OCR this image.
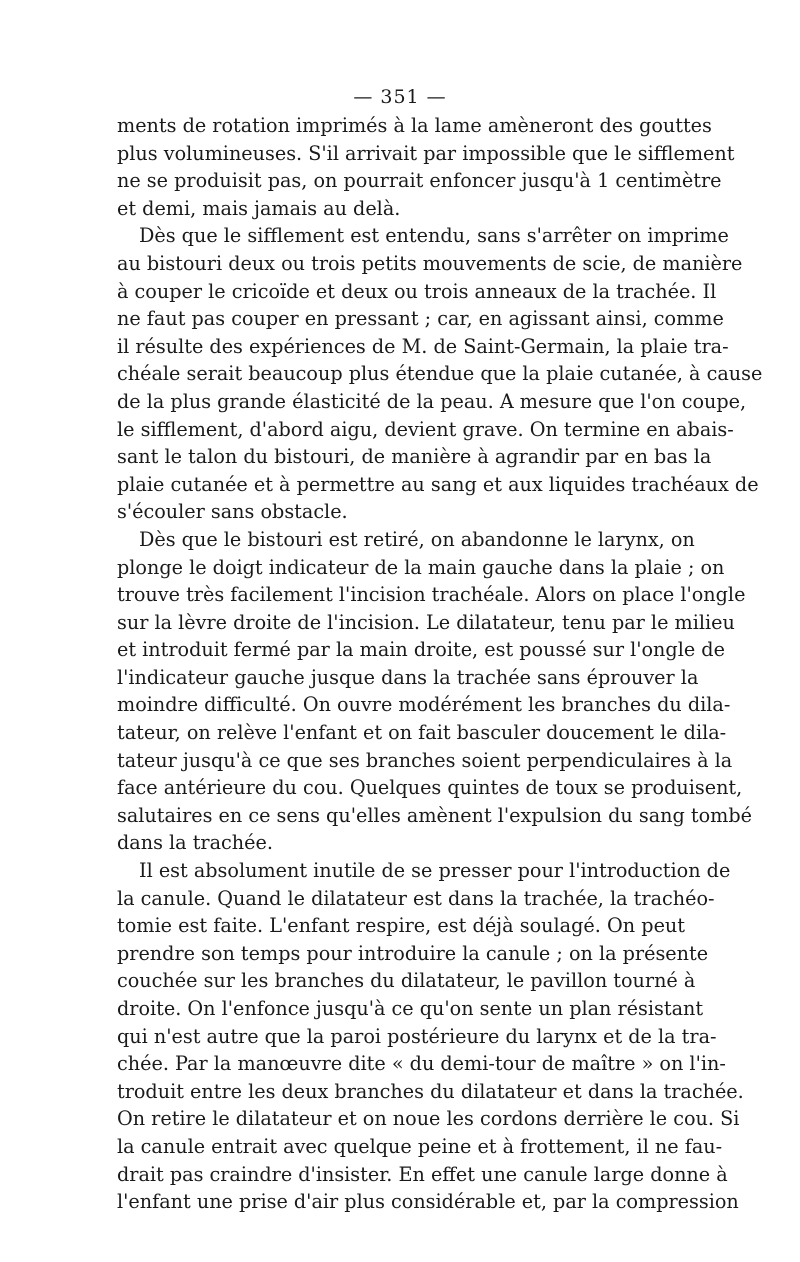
— 351 —
ments de rotation imprimés à la lame amèneront des gouttes
plus volumineuses. S'il arrivait par impossible que le sifflement
ne se produisit pas, on pourrait enfoncer jusqu'à 1 centimètre
et demi, mais jamais au delà.
Dès que le sifflement est entendu, sans s'arrêter on imprime
au bistouri deux ou trois petits mouvements de scie, de manière
à couper le cricoïde et deux ou trois anneaux de la trachée. Il
ne faut pas couper en pressant ; car, en agissant ainsi, comme
il résulte des expériences de M. de Saint-Germain, la plaie tra-
chéale serait beaucoup plus étendue que la plaie cutanée, à cause
de la plus grande élasticité de la peau. A mesure que l'on coupe,
le sifflement, d'abord aigu, devient grave. On termine en abais-
sant le talon du bistouri, de manière à agrandir par en bas la
plaie cutanée et à permettre au sang et aux liquides trachéaux de
s'écouler sans obstacle.
Dès que le bistouri est retiré, on abandonne le larynx, on
plonge le doigt indicateur de la main gauche dans la plaie ; on
trouve très facilement l'incision trachéale. Alors on place l'ongle
sur la lèvre droite de l'incision. Le dilatateur, tenu par le milieu
et introduit fermé par la main droite, est poussé sur l'ongle de
l'indicateur gauche jusque dans la trachée sans éprouver la
moindre difficulté. On ouvre modérément les branches du dila-
tateur, on relève l'enfant et on fait basculer doucement le dila-
tateur jusqu'à ce que ses branches soient perpendiculaires à la
face antérieure du cou. Quelques quintes de toux se produisent,
salutaires en ce sens qu'elles amènent l'expulsion du sang tombé
dans la trachée.
Il est absolument inutile de se presser pour l'introduction de
la canule. Quand le dilatateur est dans la trachée, la trachéo-
tomie est faite. L'enfant respire, est déjà soulagé. On peut
prendre son temps pour introduire la canule ; on la présente
couchée sur les branches du dilatateur, le pavillon tourné à
droite. On l'enfonce jusqu'à ce qu'on sente un plan résistant
qui n'est autre que la paroi postérieure du larynx et de la tra-
chée. Par la manœuvre dite « du demi-tour de maître » on l'in-
troduit entre les deux branches du dilatateur et dans la trachée.
On retire le dilatateur et on noue les cordons derrière le cou. Si
la canule entrait avec quelque peine et à frottement, il ne fau-
drait pas craindre d'insister. En effet une canule large donne à
l'enfant une prise d'air plus considérable et, par la compression
